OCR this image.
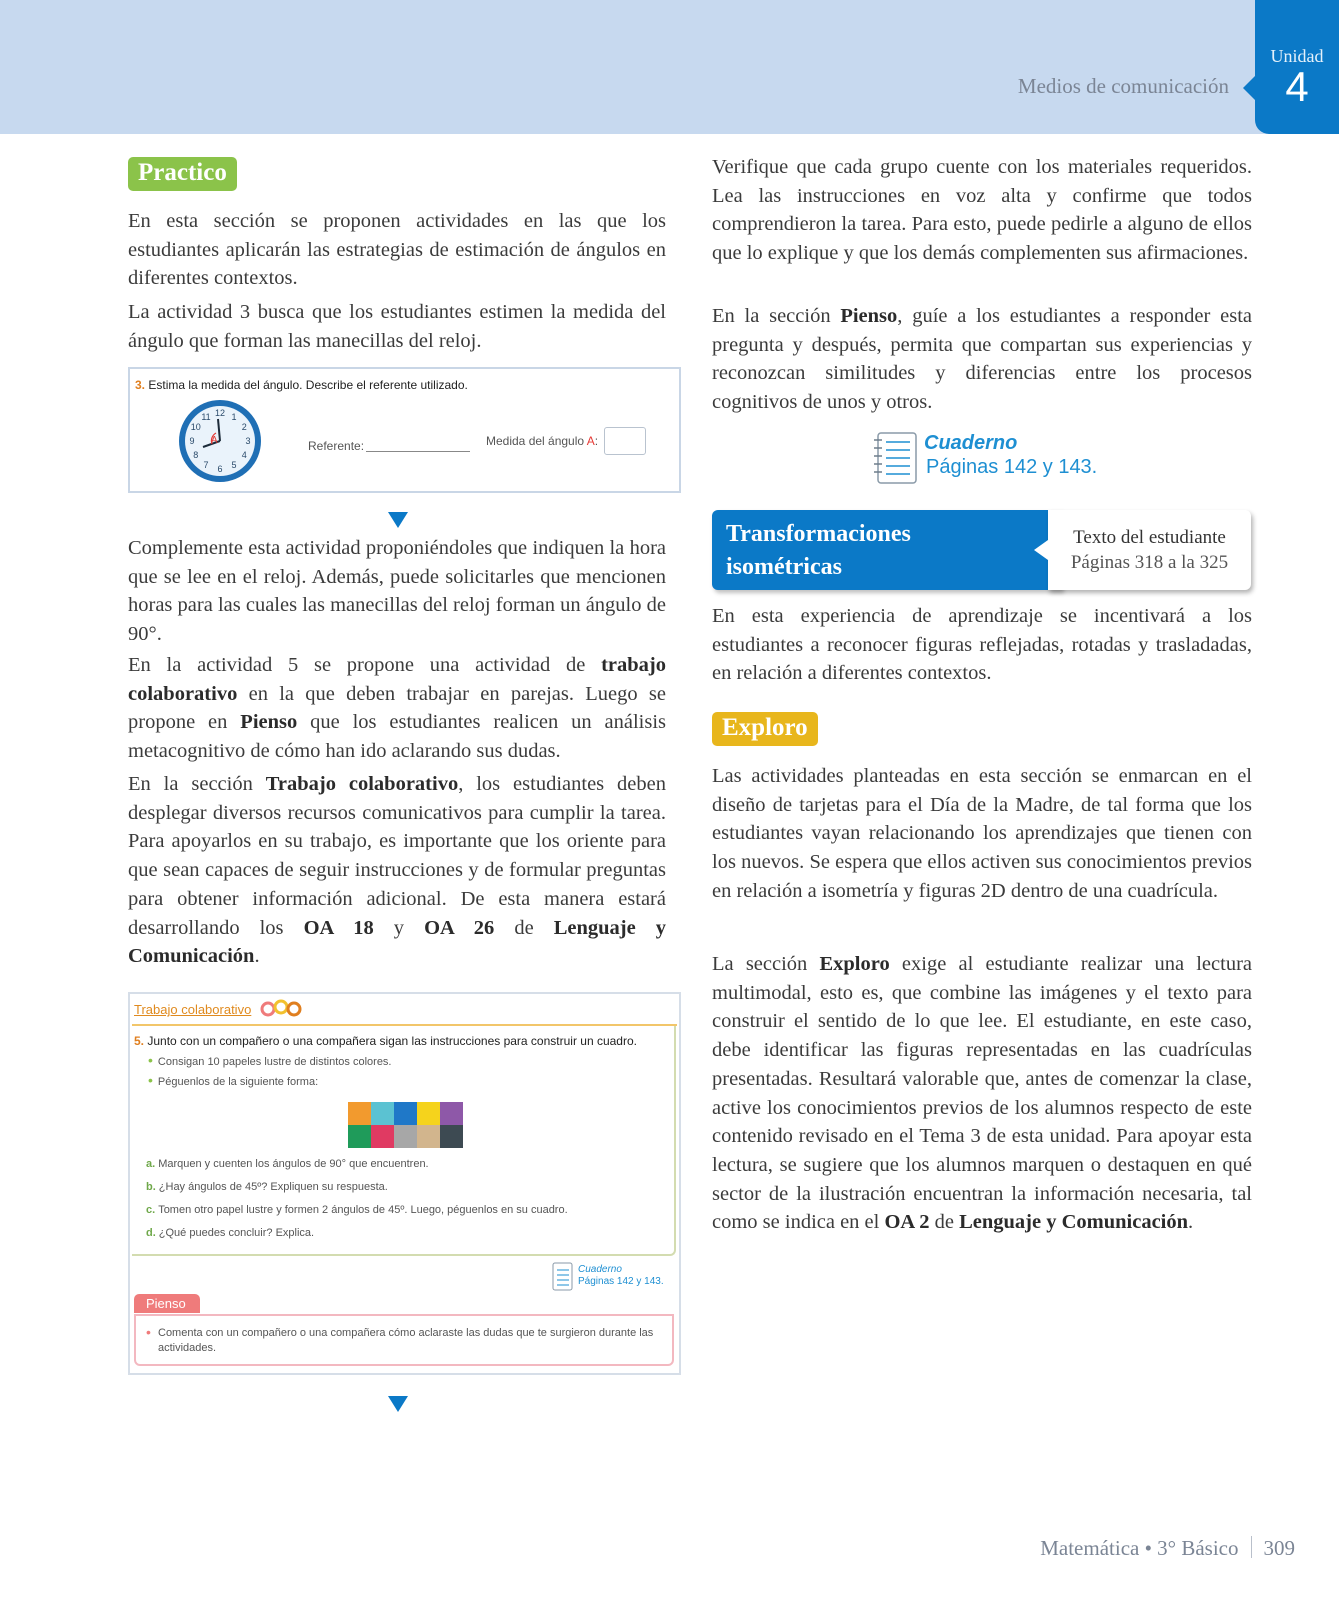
Medios de comunicación
Unidad
4
Practico

En esta sección se proponen actividades en las que los estudiantes aplicarán las estrategias de estimación de ángulos en diferentes contextos.

La actividad 3 busca que los estudiantes estimen la medida del ángulo que forman las manecillas del reloj.

3. Estima la medida del ángulo. Describe el referente utilizado.
12 1
2
3
4
5
6
7
8
9
10
11
A	Referente:	Medida del ángulo A:

Complemente esta actividad proponiéndoles que indiquen la hora que se lee en el reloj. Además, puede solicitarles que mencionen horas para las cuales las manecillas del reloj forman un ángulo de 90°.

En la actividad 5 se propone una actividad de trabajo colaborativo en la que deben trabajar en parejas. Luego se propone en Pienso que los estudiantes realicen un análisis metacognitivo de cómo han ido aclarando sus dudas.

En la sección Trabajo colaborativo, los estudiantes deben desplegar diversos recursos comunicativos para cumplir la tarea. Para apoyarlos en su trabajo, es importante que los oriente para que sean capaces de seguir instrucciones y de formular preguntas para obtener información adicional. De esta manera estará desarrollando los OA 18 y OA 26 de Lenguaje y Comunicación.

Trabajo colaborativo
5. Junto con un compañero o una compañera sigan las instrucciones para construir un cuadro.
• Consigan 10 papeles lustre de distintos colores.
• Péguenlos de la siguiente forma:
a. Marquen y cuenten los ángulos de 90° que encuentren.
b. ¿Hay ángulos de 45º? Expliquen su respuesta.
c. Tomen otro papel lustre y formen 2 ángulos de 45º. Luego, péguenlos en su cuadro.
d. ¿Qué puedes concluir? Explica.
Cuaderno
Páginas 142 y 143.
Pienso
• Comenta con un compañero o una compañera cómo aclaraste las dudas que te surgieron durante las actividades.

Verifique que cada grupo cuente con los materiales requeridos. Lea las instrucciones en voz alta y confirme que todos comprendieron la tarea. Para esto, puede pedirle a alguno de ellos que lo explique y que los demás complementen sus afirmaciones.

En la sección Pienso, guíe a los estudiantes a responder esta pregunta y después, permita que compartan sus experiencias y reconozcan similitudes y diferencias entre los procesos cognitivos de unos y otros.

Cuaderno
Páginas 142 y 143.
Transformaciones
isométricas
Texto del estudiante
Páginas 318 a la 325

En esta experiencia de aprendizaje se incentivará a los estudiantes a reconocer figuras reflejadas, rotadas y trasladadas, en relación a diferentes contextos.

Exploro

Las actividades planteadas en esta sección se enmarcan en el diseño de tarjetas para el Día de la Madre, de tal forma que los estudiantes vayan relacionando los aprendizajes que tienen con los nuevos. Se espera que ellos activen sus conocimientos previos en relación a isometría y figuras 2D dentro de una cuadrícula.

La sección Exploro exige al estudiante realizar una lectura multimodal, esto es, que combine las imágenes y el texto para construir el sentido de lo que lee. El estudiante, en este caso, debe identificar las figuras representadas en las cuadrículas presentadas. Resultará valorable que, antes de comenzar la clase, active los conocimientos previos de los alumnos respecto de este contenido revisado en el Tema 3 de esta unidad. Para apoyar esta lectura, se sugiere que los alumnos marquen o destaquen en qué sector de la ilustración encuentran la información necesaria, tal como se indica en el OA 2 de Lenguaje y Comunicación.

Matemática • 3° Básico 309
